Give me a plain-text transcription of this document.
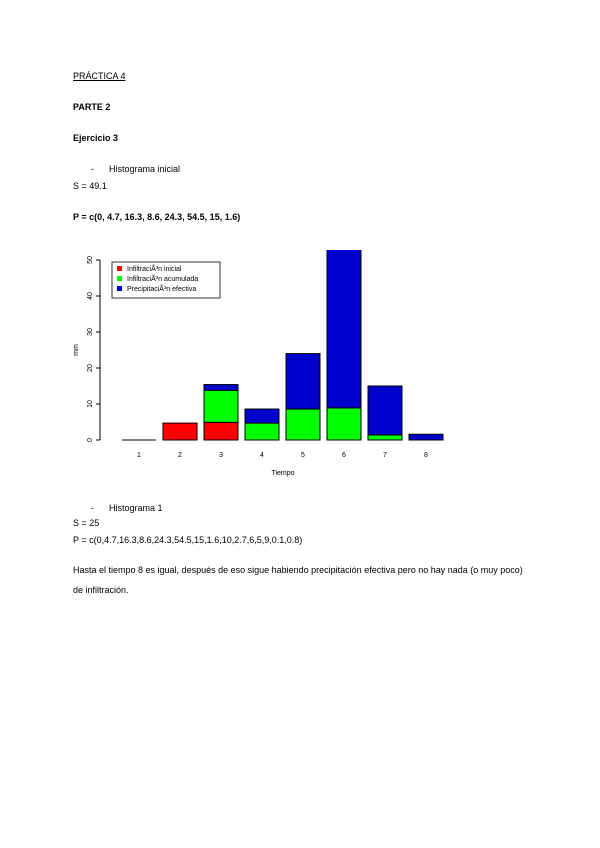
PRÁCTICA 4
PARTE 2
Ejercicio 3
- Histograma inicial
S = 49.1
P = c(0, 4.7, 16.3, 8.6, 24.3, 54.5, 15, 1.6)
0
10
20
30
40
50
mm
1	2	3	4	5	6	7	8
Tiempo
InfiltraciÃ³n inicial
InfiltraciÃ³n acumulada
PrecipitaciÃ³n efectiva
- Histograma 1
S = 25
P = c(0,4.7,16.3,8.6,24.3,54.5,15,1.6,10,2.7,6,5,9,0.1,0.8)
Hasta el tiempo 8 es igual, después de eso sigue habiendo precipitación efectiva pero no hay nada (o muy poco) de infiltración.
